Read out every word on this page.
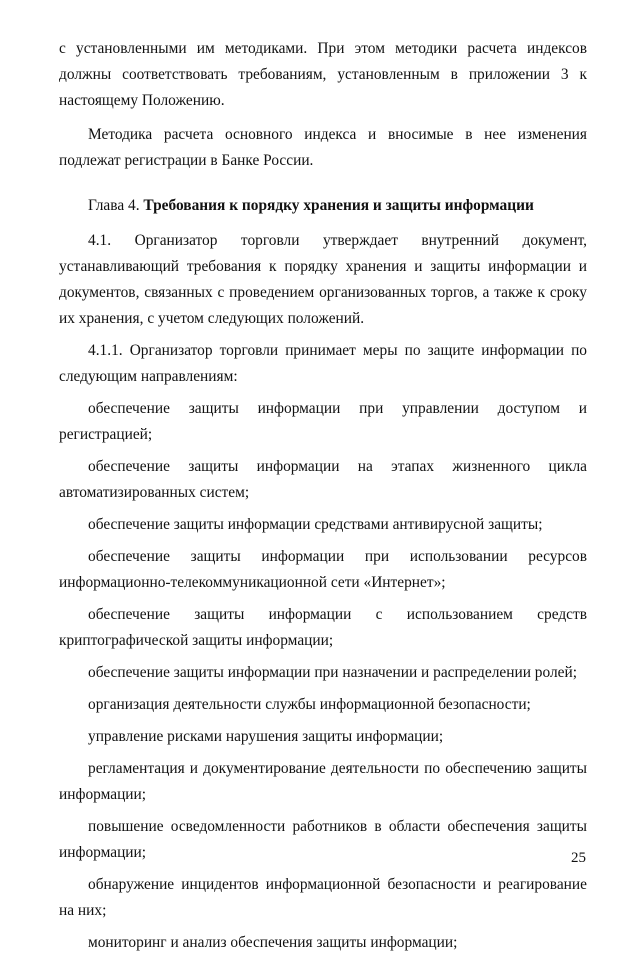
с установленными им методиками. При этом методики расчета индексов должны соответствовать требованиям, установленным в приложении 3 к настоящему Положению.

Методика расчета основного индекса и вносимые в нее изменения подлежат регистрации в Банке России.

Глава 4. Требования к порядку хранения и защиты информации

4.1. Организатор торговли утверждает внутренний документ, устанавливающий требования к порядку хранения и защиты информации и документов, связанных с проведением организованных торгов, а также к сроку их хранения, с учетом следующих положений.

4.1.1. Организатор торговли принимает меры по защите информации по следующим направлениям:

обеспечение защиты информации при управлении доступом и регистрацией;

обеспечение защиты информации на этапах жизненного цикла автоматизированных систем;

обеспечение защиты информации средствами антивирусной защиты;

обеспечение защиты информации при использовании ресурсов информационно-телекоммуникационной сети «Интернет»;

обеспечение защиты информации с использованием средств криптографической защиты информации;

обеспечение защиты информации при назначении и распределении ролей;

организация деятельности службы информационной безопасности;

управление рисками нарушения защиты информации;

регламентация и документирование деятельности по обеспечению защиты информации;

повышение осведомленности работников в области обеспечения защиты информации;

обнаружение инцидентов информационной безопасности и реагирование на них;

мониторинг и анализ обеспечения защиты информации;

25
